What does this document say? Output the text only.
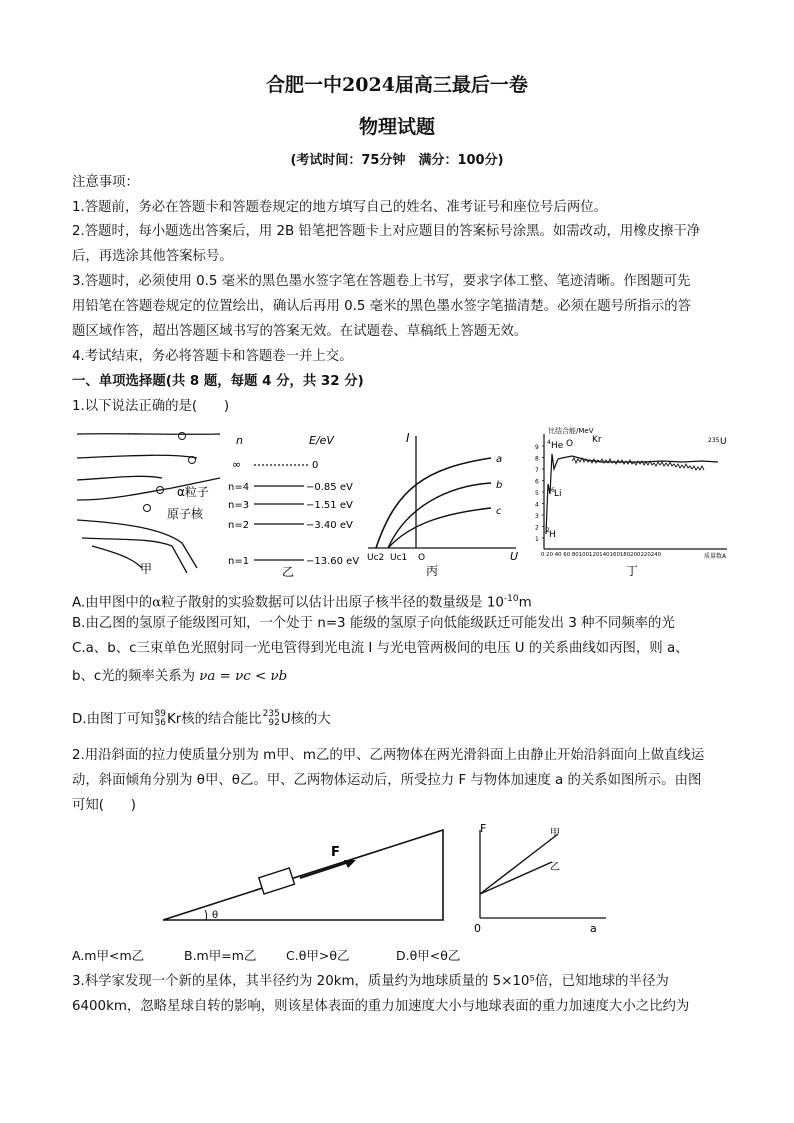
合肥一中2024届高三最后一卷
物理试题
(考试时间：75分钟　满分：100分)
注意事项：
1.答题前，务必在答题卡和答题卷规定的地方填写自己的姓名、准考证号和座位号后两位。
2.答题时，每小题选出答案后，用 2B 铅笔把答题卡上对应题目的答案标号涂黑。如需改动，用橡皮擦干净
后，再选涂其他答案标号。
3.答题时，必须使用 0.5 毫米的黑色墨水签字笔在答题卷上书写，要求字体工整、笔迹清晰。作图题可先
用铅笔在答题卷规定的位置绘出，确认后再用 0.5 毫米的黑色墨水签字笔描清楚。必须在题号所指示的答
题区域作答，超出答题区域书写的答案无效。在试题卷、草稿纸上答题无效。
4.考试结束，务必将答题卡和答题卷一并上交。
一、单项选择题(共 8 题，每题 4 分，共 32 分)
1.以下说法正确的是(　　)
α粒子
原子核
甲
n	E/eV
∞	0
n=4	−0.85 eV
n=3	−1.51 eV
n=2	−3.40 eV
n=1	−13.60 eV
乙
I
U
Uc2 Uc1 O
a
b
c
丙
9
8
7
6
5
4
3
2
1
比结合能/MeV
4 He O Kr	235 U
6 Li
2 H
0 20 40 60 80100120140160180200220240	质量数A
丁
A.由甲图中的α粒子散射的实验数据可以估计出原子核半径的数量级是 $10^{-10}m$
B.由乙图的氢原子能级图可知，一个处于 n=3 能级的氢原子向低能级跃迁可能发出 3 种不同频率的光
C.a、b、c三束单色光照射同一光电管得到光电流 I 与光电管两极间的电压 U 的关系曲线如丙图，则 a、
b、c光的频率关系为 νa = νc < νb
D.由图丁可知89
36Kr核的结合能比235
92U核的大
2.用沿斜面的拉力使质量分别为 m甲、m乙的甲、乙两物体在两光滑斜面上由静止开始沿斜面向上做直线运
动，斜面倾角分别为 θ甲、θ乙。甲、乙两物体运动后，所受拉力 F 与物体加速度 a 的关系如图所示。由图
可知(　　)
F
θ
F
a
0
甲
乙
A.m甲<m乙	B.m甲=m乙 C.θ甲>θ乙	D.θ甲<θ乙
3.科学家发现一个新的星体，其半径约为 20km，质量约为地球质量的 5×10⁵倍，已知地球的半径为
6400km，忽略星球自转的影响，则该星体表面的重力加速度大小与地球表面的重力加速度大小之比约为
